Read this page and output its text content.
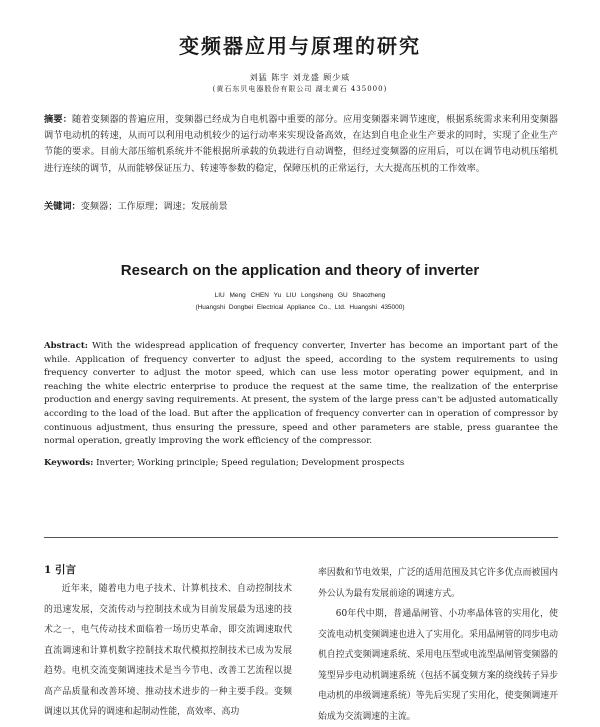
变频器应用与原理的研究
刘猛 陈宇 刘龙盛 顾少威
(黄石东贝电器股份有限公司 湖北黄石 435000)
摘要：随着变频器的普遍应用，变频器已经成为自电机器中重要的部分。应用变频器来调节速度，根据系统需求来利用变频器调节电动机的转速，从而可以利用电动机较少的运行动率来实现设备高效，在达到自电企业生产要求的同时，实现了企业生产节能的要求。目前大部压缩机系统并不能根据所承载的负载进行自动调整，但经过变频器的应用后，可以在调节电动机压缩机进行连续的调节，从而能够保证压力、转速等参数的稳定，保障压机的正常运行，大大提高压机的工作效率。
关键词：变频器；工作原理；调速；发展前景
Research on the application and theory of inverter
LIU Meng CHEN Yu LIU Longsheng GU Shaozheng
(Huangshi Dongbei Electrical Appliance Co., Ltd. Huangshi 435000)
Abstract: With the widespread application of frequency converter, Inverter has become an important part of the while. Application of frequency converter to adjust the speed, according to the system requirements to using frequency converter to adjust the motor speed, which can use less motor operating power equipment, and in reaching the white electric enterprise to produce the request at the same time, the realization of the enterprise production and energy saving requirements. At present, the system of the large press can't be adjusted automatically according to the load of the load. But after the application of frequency converter can in operation of compressor by continuous adjustment, thus ensuring the pressure, speed and other parameters are stable, press guarantee the normal operation, greatly improving the work efficiency of the compressor.
Keywords: Inverter; Working principle; Speed regulation; Development prospects

1 引言

近年来，随着电力电子技术、计算机技术、自动控制技术的迅速发展，交流传动与控制技术成为目前发展最为迅速的技术之一，电气传动技术面临着一场历史革命，即交流调速取代直流调速和计算机数字控制技术取代模拟控制技术已成为发展趋势。电机交流变频调速技术是当今节电、改善工艺流程以提高产品质量和改善环境、推动技术进步的一种主要手段。变频调速以其优异的调速和起制动性能，高效率、高功

率因数和节电效果，广泛的适用范围及其它许多优点而被国内外公认为最有发展前途的调速方式。

60年代中期，普通晶闸管、小功率晶体管的实用化，使交流电动机变频调速也进入了实用化。采用晶闸管的同步电动机自控式变频调速系统、采用电压型或电流型晶闸管变频器的笼型异步电动机调速系统（包括不属变频方案的绕线转子异步电动机的串级调速系统）等先后实现了实用化，使变频调速开始成为交流调速的主流。
